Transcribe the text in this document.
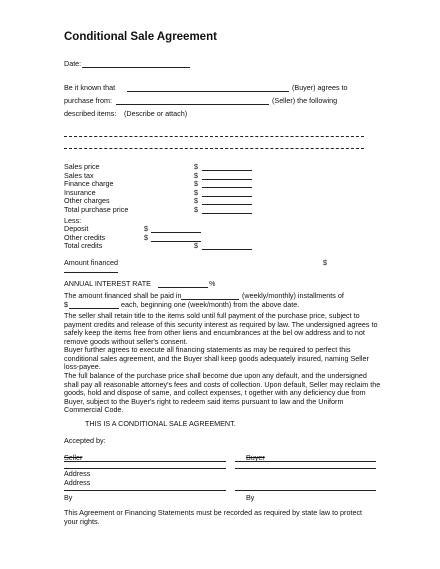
Conditional Sale Agreement
Date:
Be it known that	(Buyer) agrees to
purchase from:	(Seller) the following
described items: (Describe or attach)
Sales price	$
Sales tax	$
Finance charge	$
Insurance	$
Other charges	$
Total purchase price	$
Less:
Deposit	$
Other credits	$
Total credits	$
Amount financed	$
ANNUAL INTEREST RATE	%
The amount financed shall be paid in	(weekly/monthly) installments of
$	each, beginning one (week/month) from the above date.
The seller shall retain title to the items sold until full payment of the purchase price, subject to payment credits and release of this security interest as required by law. The undersigned agrees to safely keep the items free from other liens and encumbrances at the bel ow address and to not remove goods without seller's consent.
Buyer further agrees to execute all financing statements as may be required to perfect this conditional sales agreement, and the Buyer shall keep goods adequately insured, naming Seller loss-payee.
The full balance of the purchase price shall become due upon any default, and the undersigned shall pay all reasonable attorney's fees and costs of collection. Upon default, Seller may reclaim the goods, hold and dispose of same, and collect expenses, t ogether with any deficiency due from Buyer, subject to the Buyer's right to redeem said items pursuant to law and the Uniform Commercial Code.
THIS IS A CONDITIONAL SALE AGREEMENT.
Accepted by:
Seller	Buyer
Address
Address
By	By
This Agreement or Financing Statements must be recorded as required by state law to protect your rights.
